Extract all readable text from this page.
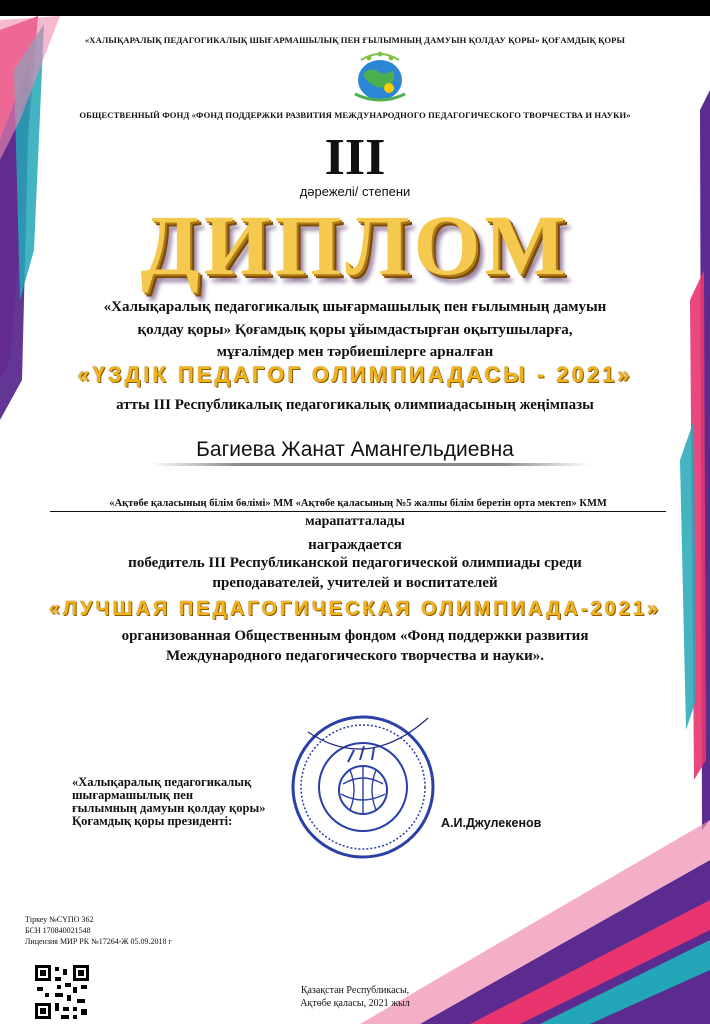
«ХАЛЫҚАРАЛЫҚ ПЕДАГОГИКАЛЫҚ ШЫҒАРМАШЫЛЫҚ ПЕН ҒЫЛЫМНЫҢ ДАМУЫН ҚОЛДАУ ҚОРЫ» ҚОҒАМДЫҚ ҚОРЫ
ОБЩЕСТВЕННЫЙ ФОНД «ФОНД ПОДДЕРЖКИ РАЗВИТИЯ МЕЖДУНАРОДНОГО ПЕДАГОГИЧЕСКОГО ТВОРЧЕСТВА И НАУКИ»
III
дәрежелі/ степени
ДИПЛОМ
«Халықаралық педагогикалық шығармашылық пен ғылымның дамуын
қолдау қоры» Қоғамдық қоры ұйымдастырған оқытушыларға,
мұғалімдер мен тәрбиешілерге арналған
«ҮЗДІК ПЕДАГОГ ОЛИМПИАДАСЫ - 2021»
атты III Республикалық педагогикалық олимпиадасының жеңімпазы
Багиева Жанат Амангельдиевна
«Ақтөбе қаласының білім бөлімі» ММ «Ақтөбе қаласының №5 жалпы білім беретін орта мектеп» КММ
марапатталады
награждается
победитель III Республиканской педагогической олимпиады среди
преподавателей, учителей и воспитателей
«ЛУЧШАЯ ПЕДАГОГИЧЕСКАЯ ОЛИМПИАДА-2021»
организованная Общественным фондом «Фонд поддержки развития
Международного педагогического творчества и науки».
«Халықаралық педагогикалық
шығармашылық пен
ғылымның дамуын қолдау қоры»
Қоғамдық қоры президенті:	А.И.Джулекенов
Тіркеу №СҮПО 362
БСН 170840021548
Лицензия МИР РК №17264-Ж 05.09.2018 г
Қазақстан Республикасы,
Ақтөбе қаласы, 2021 жыл
